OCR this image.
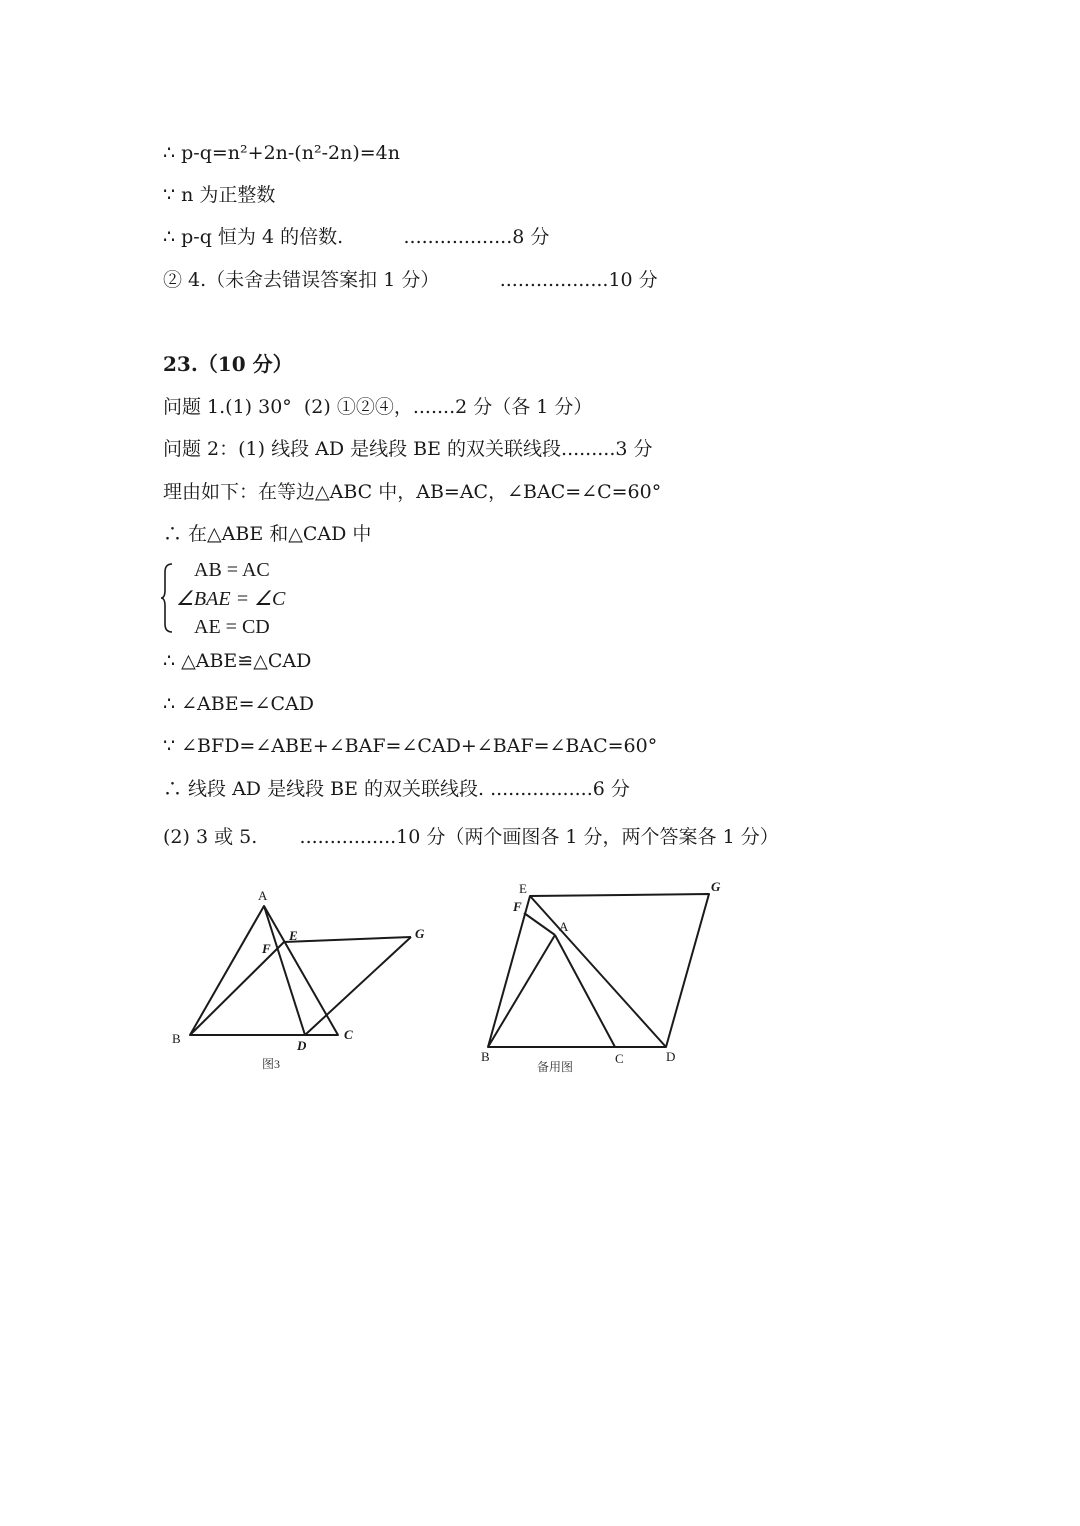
∴ p-q=n²+2n-(n²-2n)=4n
∵ n 为正整数
∴ p-q 恒为 4 的倍数.          ..................8 分
② 4.（未舍去错误答案扣 1 分）          ..................10 分
23.（10 分）
问题 1.(1) 30°  (2) ①②④，.......2 分（各 1 分）
问题 2：(1) 线段 AD 是线段 BE 的双关联线段.........3 分
理由如下：在等边△ABC 中，AB=AC，∠BAC=∠C=60°
∴ 在△ABE 和△CAD 中
AB = AC
∠BAE = ∠C
AE = CD
∴ △ABE≌△CAD
∴ ∠ABE=∠CAD
∵ ∠BFD=∠ABE+∠BAF=∠CAD+∠BAF=∠BAC=60°
∴ 线段 AD 是线段 BE 的双关联线段. .................6 分
(2) 3 或 5.       ................10 分（两个画图各 1 分，两个答案各 1 分）
A
B	C
D
E
F
G
图3
A
B	C	D
E
F
G
备用图
